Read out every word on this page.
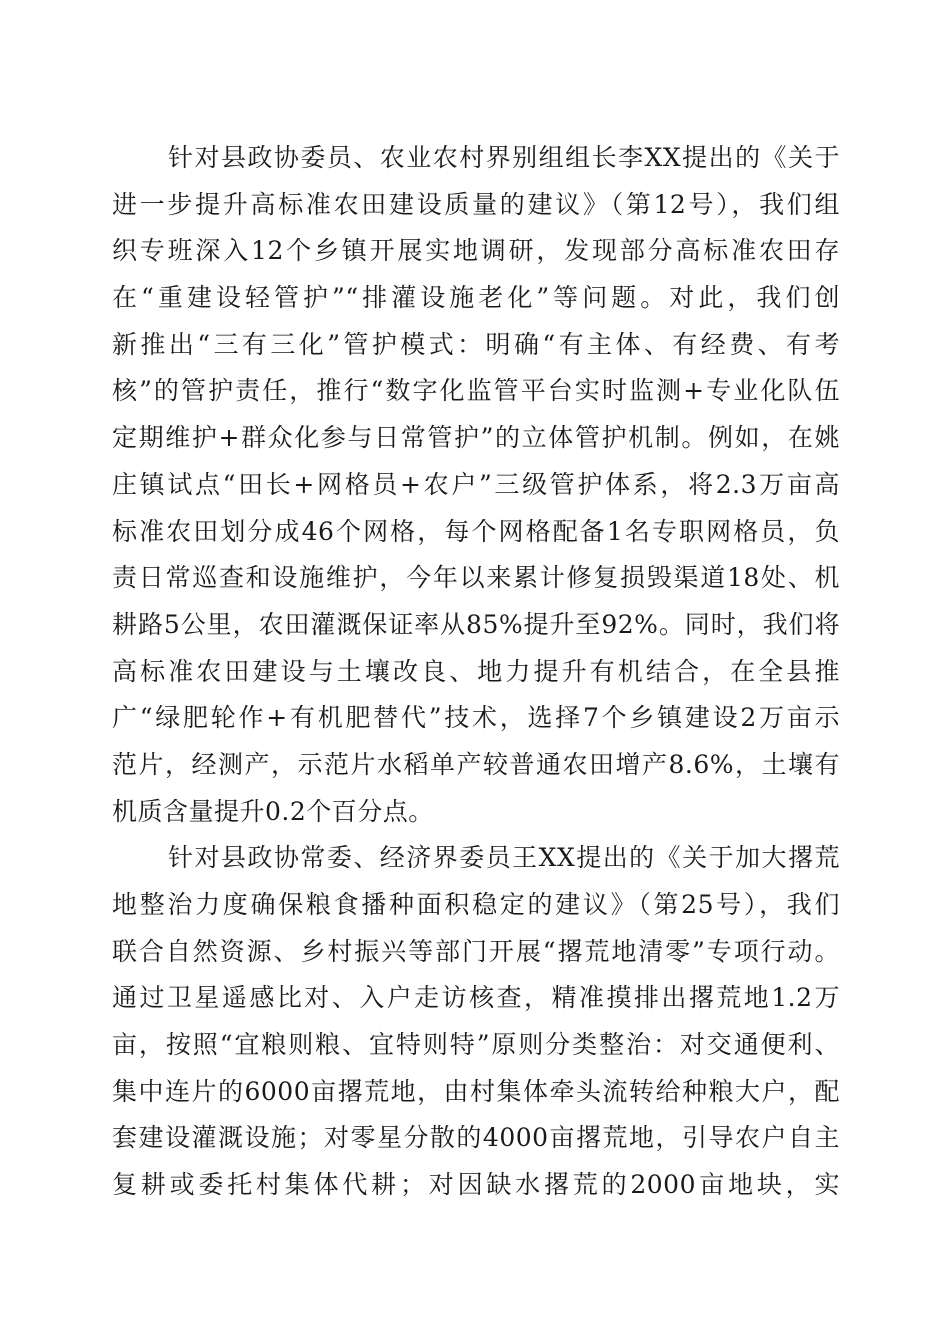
针对县政协委员、农业农村界别组组长李XX提出的《关于
进一步提升高标准农田建设质量的建议》（第12号），我们组
织专班深入12个乡镇开展实地调研，发现部分高标准农田存
在“重建设轻管护”“排灌设施老化”等问题。对此，我们创
新推出“三有三化”管护模式：明确“有主体、有经费、有考
核”的管护责任，推行“数字化监管平台实时监测+专业化队伍
定期维护+群众化参与日常管护”的立体管护机制。例如，在姚
庄镇试点“田长+网格员+农户”三级管护体系，将2.3万亩高
标准农田划分成46个网格，每个网格配备1名专职网格员，负
责日常巡查和设施维护，今年以来累计修复损毁渠道18处、机
耕路5公里，农田灌溉保证率从85%提升至92%。同时，我们将
高标准农田建设与土壤改良、地力提升有机结合，在全县推
广“绿肥轮作+有机肥替代”技术，选择7个乡镇建设2万亩示
范片，经测产，示范片水稻单产较普通农田增产8.6%，土壤有
机质含量提升0.2个百分点。
针对县政协常委、经济界委员王XX提出的《关于加大撂荒
地整治力度确保粮食播种面积稳定的建议》（第25号），我们
联合自然资源、乡村振兴等部门开展“撂荒地清零”专项行动。
通过卫星遥感比对、入户走访核查，精准摸排出撂荒地1.2万
亩，按照“宜粮则粮、宜特则特”原则分类整治：对交通便利、
集中连片的6000亩撂荒地，由村集体牵头流转给种粮大户，配
套建设灌溉设施；对零星分散的4000亩撂荒地，引导农户自主
复耕或委托村集体代耕；对因缺水撂荒的2000亩地块，实
